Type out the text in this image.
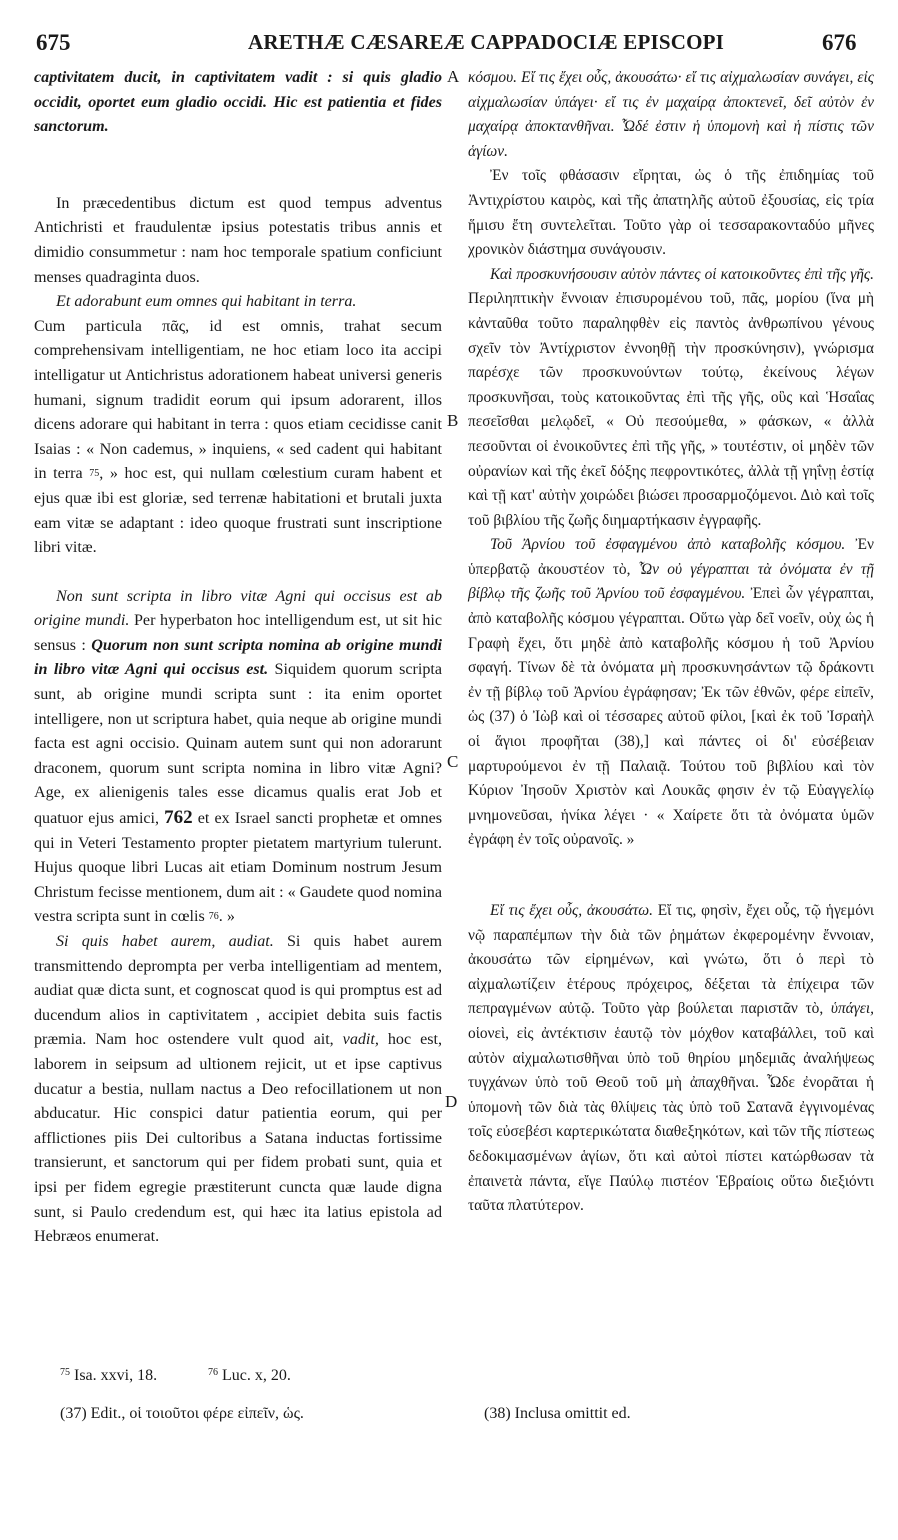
675	ARETHÆ CÆSAREÆ CAPPADOCIÆ EPISCOPI	676
A
B
C
D

captivitatem ducit, in captivitatem vadit : si quis gladio occidit, oportet eum gladio occidi. Hic est patientia et fides sanctorum.

In præcedentibus dictum est quod tempus adventus Antichristi et fraudulentæ ipsius potestatis tribus annis et dimidio consummetur : nam hoc temporale spatium conficiunt menses quadraginta duos.

Et adorabunt eum omnes qui habitant in terra.
Cum particula πᾶς, id est omnis, trahat secum comprehensivam intelligentiam, ne hoc etiam loco ita accipi intelligatur ut Antichristus adorationem habeat universi generis humani, signum tradidit eorum qui ipsum adorarent, illos dicens adorare qui habitant in terra : quos etiam cecidisse canit Isaias : « Non cademus, » inquiens, « sed cadent qui habitant in terra $^{75}$, » hoc est, qui nullam cœlestium curam habent et ejus quæ ibi est gloriæ, sed terrenæ habitationi et brutali juxta eam vitæ se adaptant : ideo quoque frustrati sunt inscriptione libri vitæ.

Non sunt scripta in libro vitæ Agni qui occisus est ab origine mundi. Per hyperbaton hoc intelligendum est, ut sit hic sensus : Quorum non sunt scripta nomina ab origine mundi in libro vitæ Agni qui occisus est. Siquidem quorum scripta sunt, ab origine mundi scripta sunt : ita enim oportet intelligere, non ut scriptura habet, quia neque ab origine mundi facta est agni occisio. Quinam autem sunt qui non adorarunt draconem, quorum sunt scripta nomina in libro vitæ Agni? Age, ex alienigenis tales esse dicamus qualis erat Job et quatuor ejus amici, 762 et ex Israel sancti prophetæ et omnes qui in Veteri Testamento propter pietatem martyrium tulerunt. Hujus quoque libri Lucas ait etiam Dominum nostrum Jesum Christum fecisse mentionem, dum ait : « Gaudete quod nomina vestra scripta sunt in cœlis $^{76}$. »

Si quis habet aurem, audiat. Si quis habet aurem transmittendo deprompta per verba intelligentiam ad mentem, audiat quæ dicta sunt, et cognoscat quod is qui promptus est ad ducendum alios in captivitatem , accipiet debita suis factis præmia. Nam hoc ostendere vult quod ait, vadit, hoc est, laborem in seipsum ad ultionem rejicit, ut et ipse captivus ducatur a bestia, nullam nactus a Deo refocillationem ut non abducatur. Hic conspici datur patientia eorum, qui per afflictiones piis Dei cultoribus a Satana inductas fortissime transierunt, et sanctorum qui per fidem probati sunt, quia et ipsi per fidem egregie præstiterunt cuncta quæ laude digna sunt, si Paulo credendum est, qui hæc ita latius epistola ad Hebræos enumerat.

κόσμου. Εἴ τις ἔχει οὖς, ἀκουσάτω· εἴ τις αἰχμαλωσίαν συνάγει, εἰς αἰχμαλωσίαν ὑπάγει· εἴ τις ἐν μαχαίρᾳ ἀποκτενεῖ, δεῖ αὐτὸν ἐν μαχαίρᾳ ἀποκτανθῆναι. Ὧδέ ἐστιν ἡ ὑπομονὴ καὶ ἡ πίστις τῶν ἁγίων.

Ἐν τοῖς φθάσασιν εἴρηται, ὡς ὁ τῆς ἐπιδημίας τοῦ Ἀντιχρίστου καιρὸς, καὶ τῆς ἀπατηλῆς αὐτοῦ ἐξουσίας, εἰς τρία ἥμισυ ἔτη συντελεῖται. Τοῦτο γὰρ οἱ τεσσαρακονταδύο μῆνες χρονικὸν διάστημα συνάγουσιν.

Καὶ προσκυνήσουσιν αὐτὸν πάντες οἱ κατοικοῦντες ἐπὶ τῆς γῆς. Περιληπτικὴν ἔννοιαν ἐπισυρομένου τοῦ, πᾶς, μορίου (ἵνα μὴ κἀνταῦθα τοῦτο παραληφθὲν εἰς παντὸς ἀνθρωπίνου γένους σχεῖν τὸν Ἀντίχριστον ἐννοηθῇ τὴν προσκύνησιν), γνώρισμα παρέσχε τῶν προσκυνούντων τούτῳ, ἐκείνους λέγων προσκυνῆσαι, τοὺς κατοικοῦντας ἐπὶ τῆς γῆς, οὓς καὶ Ἡσαΐας πεσεῖσθαι μελῳδεῖ, « Οὐ πεσούμεθα, » φάσκων, « ἀλλὰ πεσοῦνται οἱ ἐνοικοῦντες ἐπὶ τῆς γῆς, » τουτέστιν, οἱ μηδὲν τῶν οὐρανίων καὶ τῆς ἐκεῖ δόξης πεφροντικότες, ἀλλὰ τῇ γηΐνῃ ἑστίᾳ καὶ τῇ κατ' αὐτὴν χοιρώδει βιώσει προσαρμοζόμενοι. Διὸ καὶ τοῖς τοῦ βιβλίου τῆς ζωῆς διημαρτήκασιν ἐγγραφῆς.

Τοῦ Ἀρνίου τοῦ ἐσφαγμένου ἀπὸ καταβολῆς κόσμου. Ἐν ὑπερβατῷ ἀκουστέον τὸ, Ὧν οὐ γέγραπται τὰ ὀνόματα ἐν τῇ βίβλῳ τῆς ζωῆς τοῦ Ἀρνίου τοῦ ἐσφαγμένου. Ἐπεὶ ὧν γέγραπται, ἀπὸ καταβολῆς κόσμου γέγραπται. Οὕτω γὰρ δεῖ νοεῖν, οὐχ ὡς ἡ Γραφὴ ἔχει, ὅτι μηδὲ ἀπὸ καταβολῆς κόσμου ἡ τοῦ Ἀρνίου σφαγή. Τίνων δὲ τὰ ὀνόματα μὴ προσκυνησάντων τῷ δράκοντι ἐν τῇ βίβλῳ τοῦ Ἀρνίου ἐγράφησαν; Ἐκ τῶν ἐθνῶν, φέρε εἰπεῖν, ὡς (37) ὁ Ἰὼβ καὶ οἱ τέσσαρες αὐτοῦ φίλοι, [καὶ ἐκ τοῦ Ἰσραὴλ οἱ ἅγιοι προφῆται (38),] καὶ πάντες οἱ δι' εὐσέβειαν μαρτυρούμενοι ἐν τῇ Παλαιᾷ. Τούτου τοῦ βιβλίου καὶ τὸν Κύριον Ἰησοῦν Χριστὸν καὶ Λουκᾶς φησιν ἐν τῷ Εὐαγγελίῳ μνημονεῦσαι, ἡνίκα λέγει · « Χαίρετε ὅτι τὰ ὀνόματα ὑμῶν ἐγράφη ἐν τοῖς οὐρανοῖς. »

Εἴ τις ἔχει οὖς, ἀκουσάτω. Εἴ τις, φησὶν, ἔχει οὖς, τῷ ἡγεμόνι νῷ παραπέμπων τὴν διὰ τῶν ῥημάτων ἐκφερομένην ἔννοιαν, ἀκουσάτω τῶν εἰρημένων, καὶ γνώτω, ὅτι ὁ περὶ τὸ αἰχμαλωτίζειν ἑτέρους πρόχειρος, δέξεται τὰ ἐπίχειρα τῶν πεπραγμένων αὐτῷ. Τοῦτο γὰρ βούλεται παριστᾶν τὸ, ὑπάγει, οἱονεὶ, εἰς ἀντέκτισιν ἑαυτῷ τὸν μόχθον καταβάλλει, τοῦ καὶ αὐτὸν αἰχμαλωτισθῆναι ὑπὸ τοῦ θηρίου μηδεμιᾶς ἀναλήψεως τυγχάνων ὑπὸ τοῦ Θεοῦ τοῦ μὴ ἀπαχθῆναι. Ὧδε ἐνορᾶται ἡ ὑπομονὴ τῶν διὰ τὰς θλίψεις τὰς ὑπὸ τοῦ Σατανᾶ ἐγγινομένας τοῖς εὐσεβέσι καρτερικώτατα διαθεξηκότων, καὶ τῶν τῆς πίστεως δεδοκιμασμένων ἁγίων, ὅτι καὶ αὐτοὶ πίστει κατώρθωσαν τὰ ἐπαινετὰ πάντα, εἴγε Παύλῳ πιστέον Ἑβραίοις οὕτω διεξιόντι ταῦτα πλατύτερον.

$^{75}$ Isa. xxvi, 18.	$^{76}$ Luc. x, 20.
(37) Edit., οἱ τοιοῦτοι φέρε εἰπεῖν, ὡς.	(38) Inclusa omittit ed.
